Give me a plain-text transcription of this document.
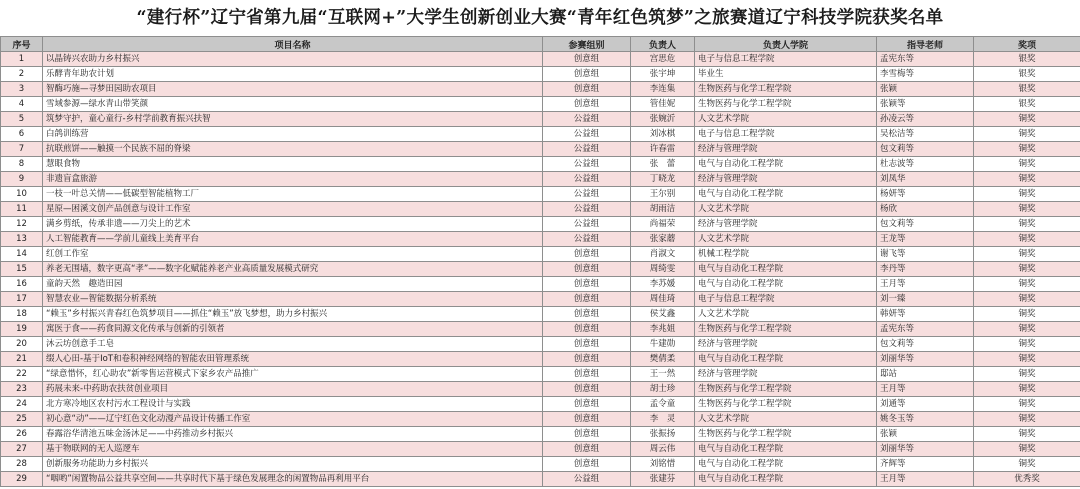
“建行杯”辽宁省第九届“互联网+”大学生创新创业大赛“青年红色筑梦”之旅赛道辽宁科技学院获奖名单
序号	项目名称	参赛组别	负责人	负责人学院	指导老师	奖项
1	以晶铸兴农助力乡村振兴	创意组	宫思危	电子与信息工程学院	孟宪东等	银奖
2	乐酵青年助农计划	创意组	张宇坤	毕业生	李雪梅等	银奖
3	智酶巧施—寻梦田园助农项目	创意组	李连集	生物医药与化学工程学院	张颖	银奖
4	雪域参源—绿水青山带笑颜	创意组	管佳妮	生物医药与化学工程学院	张颖等	银奖
5	筑梦守护，童心童行-乡村学前教育振兴扶智	公益组	张婉沂	人文艺术学院	孙凌云等	铜奖
6	白鸽训练营	公益组	刘冰棋	电子与信息工程学院	吴松洁等	铜奖
7	抗联煎饼——触摸一个民族不屈的脊梁	公益组	许春雷	经济与管理学院	包文莉等	铜奖
8	慧眼食物	公益组	张　蕾	电气与自动化工程学院	杜志波等	铜奖
9	非遗盲盒旅游	公益组	丁晓龙	经济与管理学院	刘凤华	铜奖
10	一枝一叶总关情——低碳型智能植物工厂	公益组	王尔别	电气与自动化工程学院	杨妍等	铜奖
11	星原—困溪文创产品创意与设计工作室	公益组	胡雨洁	人文艺术学院	杨欣	铜奖
12	满乡剪纸，传承非遗——刀尖上的艺术	公益组	尚福荣	经济与管理学院	包文莉等	铜奖
13	人工智能教育——学前儿童线上美育平台	公益组	张家蘑	人文艺术学院	王龙等	铜奖
14	红创工作室	创意组	肖淑文	机械工程学院	谢飞等	铜奖
15	养老无围墙，数字更高“孝”——数字化赋能养老产业高质量发展模式研究	创意组	周绮雯	电气与自动化工程学院	李丹等	铜奖
16	童韵天然　趣造田园	创意组	李苏媛	电气与自动化工程学院	王月等	铜奖
17	智慧农业—智能数据分析系统	创意组	周佳琦	电子与信息工程学院	刘一臻	铜奖
18	“赖玉”乡村振兴青春红色筑梦项目——抓住“赖玉”放飞梦想，助力乡村振兴	创意组	侯艾鑫	人文艺术学院	韩妍等	铜奖
19	寓医于食——药食同源文化传承与创新的引领者	创意组	李兆姐	生物医药与化学工程学院	孟宪东等	铜奖
20	沐云坊创意手工皂	创意组	牛建勋	经济与管理学院	包文莉等	铜奖
21	缀人心田-基于IoT和卷积神经网络的智能农田管理系统	创意组	樊倩柔	电气与自动化工程学院	刘丽华等	铜奖
22	“绿意惜怀，红心助农”新零售运营模式下家乡农产品推广	创意组	王一然	经济与管理学院	邸站	铜奖
23	药展未来-中药助农扶贫创业项目	创意组	胡士珍	生物医药与化学工程学院	王月等	铜奖
24	北方寒冷地区农村污水工程设计与实践	创意组	孟令童	生物医药与化学工程学院	刘通等	铜奖
25	初心意“动”——辽宁红色文化动漫产品设计传播工作室	创意组	李　灵	人文艺术学院	姚冬玉等	铜奖
26	春露浴华清池五味金汤沐足——中药推动乡村振兴	创意组	张振扬	生物医药与化学工程学院	张颖	铜奖
27	基于物联网的无人巡逻车	创意组	周云伟	电气与自动化工程学院	刘丽华等	铜奖
28	创新服务功能助力乡村振兴	创意组	刘铭惜	电气与自动化工程学院	齐辉等	铜奖
29	“咽哟”闲置物品公益共享空间——共享时代下基于绿色发展理念的闲置物品再利用平台	公益组	张建芬	电气与自动化工程学院	王月等	优秀奖
